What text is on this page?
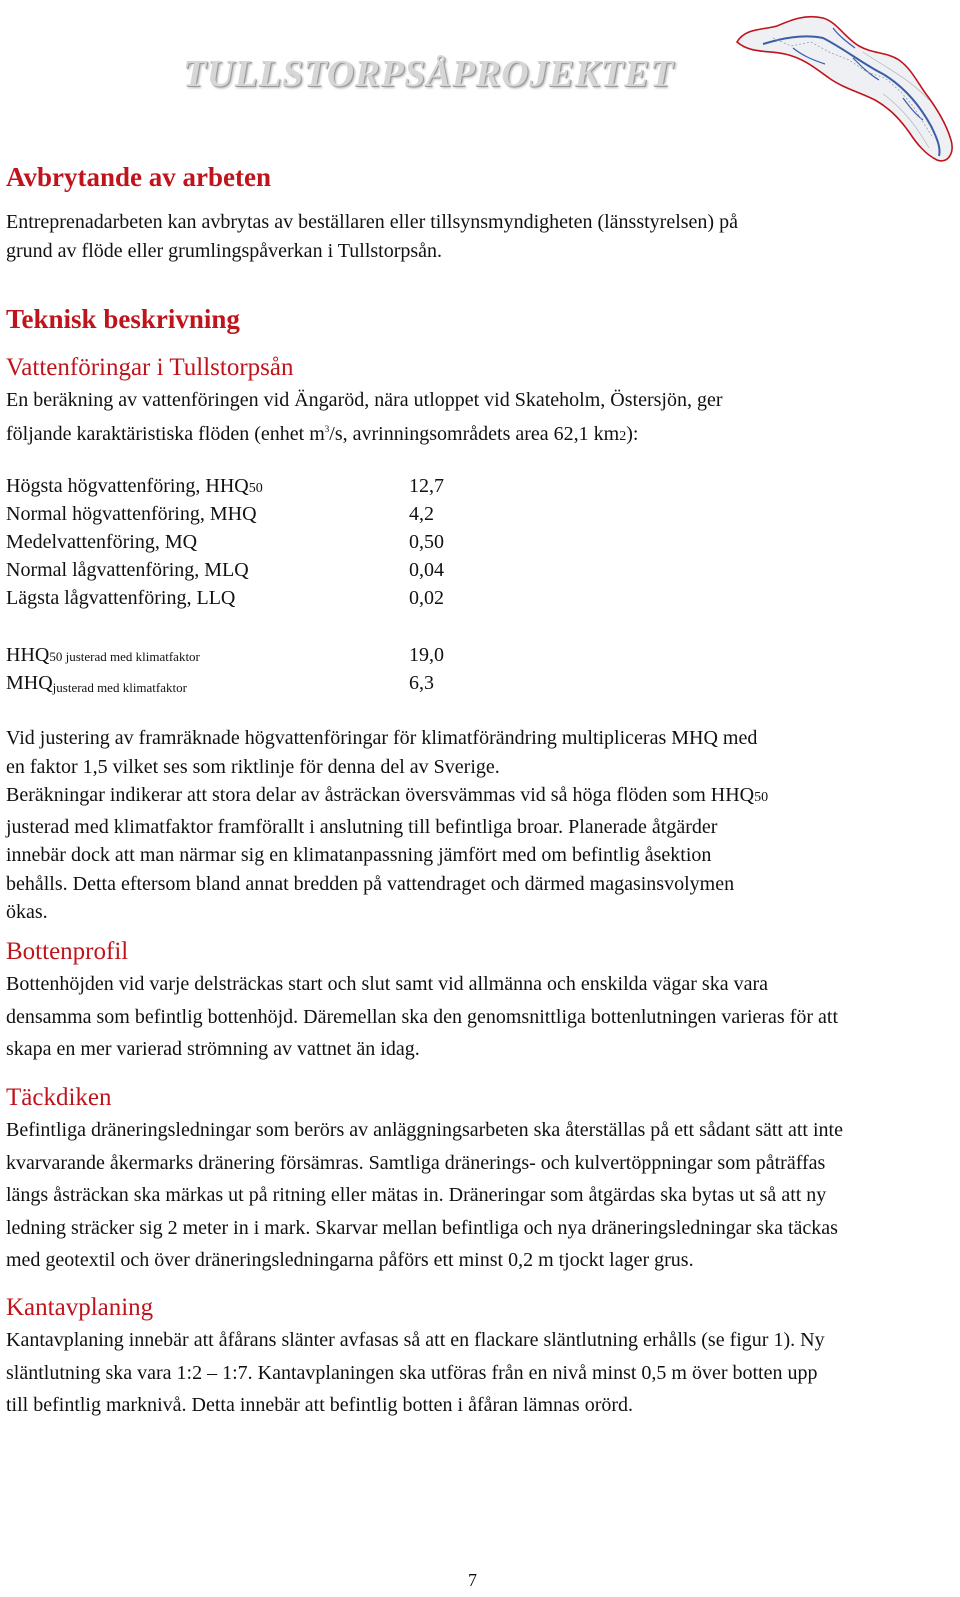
TULLSTORPSÅPROJEKTET
Avbrytande av arbeten
Entreprenadarbeten kan avbrytas av beställaren eller tillsynsmyndigheten (länsstyrelsen) på
grund av flöde eller grumlingspåverkan i Tullstorpsån.
Teknisk beskrivning
Vattenföringar i Tullstorpsån
En beräkning av vattenföringen vid Ängaröd, nära utloppet vid Skateholm, Östersjön, ger
följande karaktäristiska flöden (enhet $m^3/s$, avrinningsområdets area 62,1 km2):
Högsta högvattenföring, HHQ50	12,7
Normal högvattenföring, MHQ	4,2
Medelvattenföring, MQ	0,50
Normal lågvattenföring, MLQ	0,04
Lägsta lågvattenföring, LLQ	0,02
HHQ50 justerad med klimatfaktor	19,0
MHQjusterad med klimatfaktor	6,3
Vid justering av framräknade högvattenföringar för klimatförändring multipliceras MHQ med
en faktor 1,5 vilket ses som riktlinje för denna del av Sverige.
Beräkningar indikerar att stora delar av åsträckan översvämmas vid så höga flöden som HHQ50
justerad med klimatfaktor framförallt i anslutning till befintliga broar. Planerade åtgärder
innebär dock att man närmar sig en klimatanpassning jämfört med om befintlig åsektion
behålls. Detta eftersom bland annat bredden på vattendraget och därmed magasinsvolymen
ökas.
Bottenprofil
Bottenhöjden vid varje delsträckas start och slut samt vid allmänna och enskilda vägar ska vara
densamma som befintlig bottenhöjd. Däremellan ska den genomsnittliga bottenlutningen varieras för att
skapa en mer varierad strömning av vattnet än idag.
Täckdiken
Befintliga dräneringsledningar som berörs av anläggningsarbeten ska återställas på ett sådant sätt att inte
kvarvarande åkermarks dränering försämras. Samtliga dränerings- och kulvertöppningar som påträffas
längs åsträckan ska märkas ut på ritning eller mätas in. Dräneringar som åtgärdas ska bytas ut så att ny
ledning sträcker sig 2 meter in i mark. Skarvar mellan befintliga och nya dräneringsledningar ska täckas
med geotextil och över dräneringsledningarna påförs ett minst 0,2 m tjockt lager grus.
Kantavplaning
Kantavplaning innebär att åfårans slänter avfasas så att en flackare släntlutning erhålls (se figur 1). Ny
släntlutning ska vara 1:2 – 1:7. Kantavplaningen ska utföras från en nivå minst 0,5 m över botten upp
till befintlig marknivå. Detta innebär att befintlig botten i åfåran lämnas orörd.
7
